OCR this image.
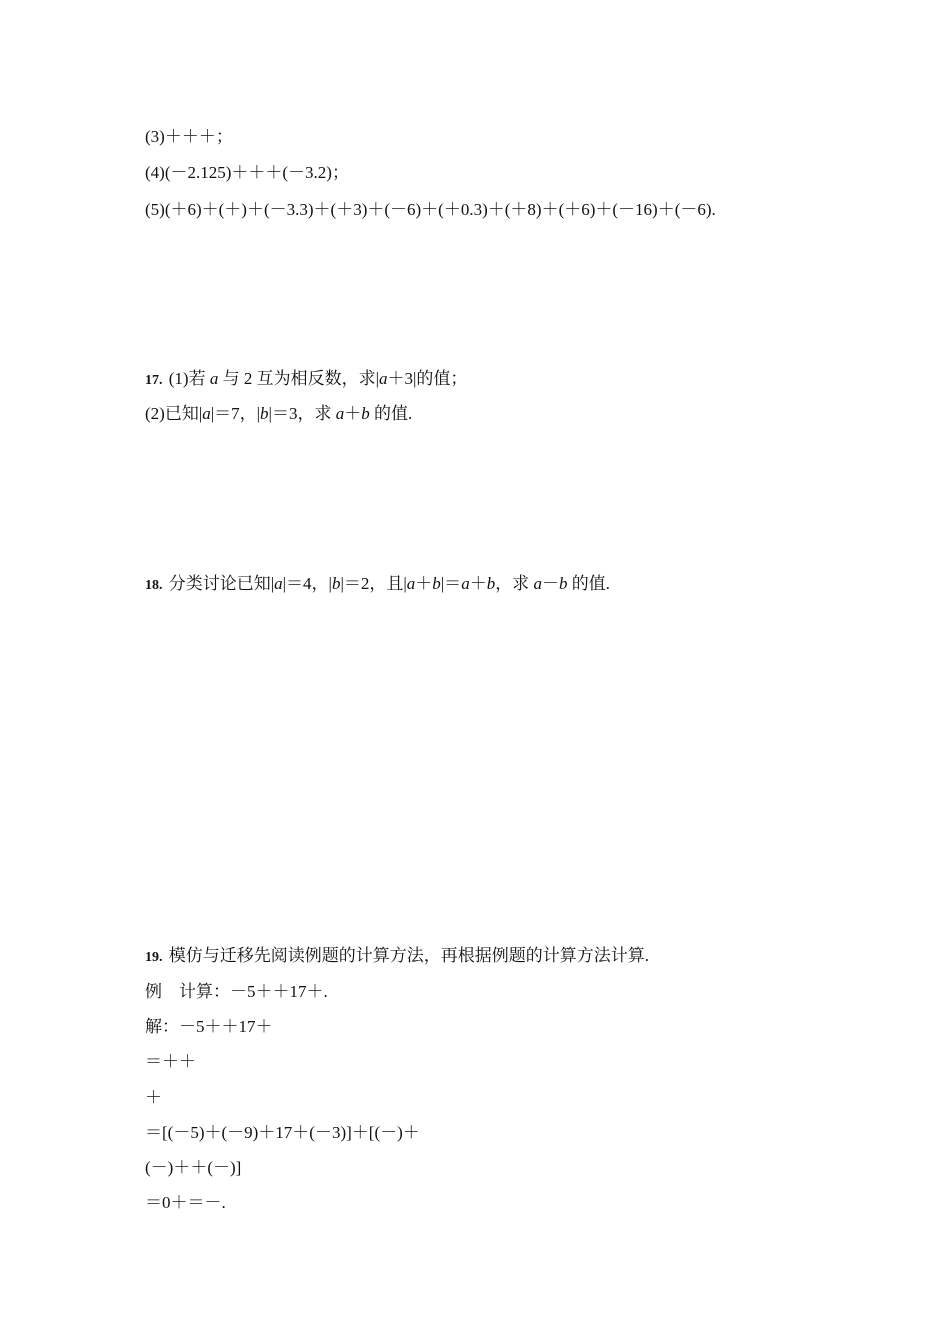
(3)＋＋＋；
(4)(－2.125)＋＋＋(－3.2)；
(5)(＋6)＋(＋)＋(－3.3)＋(＋3)＋(－6)＋(＋0.3)＋(＋8)＋(＋6)＋(－16)＋(－6).
17. (1)若 a 与 2 互为相反数，求|a＋3|的值；
(2)已知|a|＝7，|b|＝3，求 a＋b 的值.
18. 分类讨论已知|a|＝4，|b|＝2，且|a＋b|＝a＋b，求 a－b 的值.
19. 模仿与迁移先阅读例题的计算方法，再根据例题的计算方法计算.
例　计算：－5＋＋17＋.
解：－5＋＋17＋
＝＋＋
＋
＝[(－5)＋(－9)＋17＋(－3)]＋[(－)＋
(－)＋＋(－)]
＝0＋＝－.
